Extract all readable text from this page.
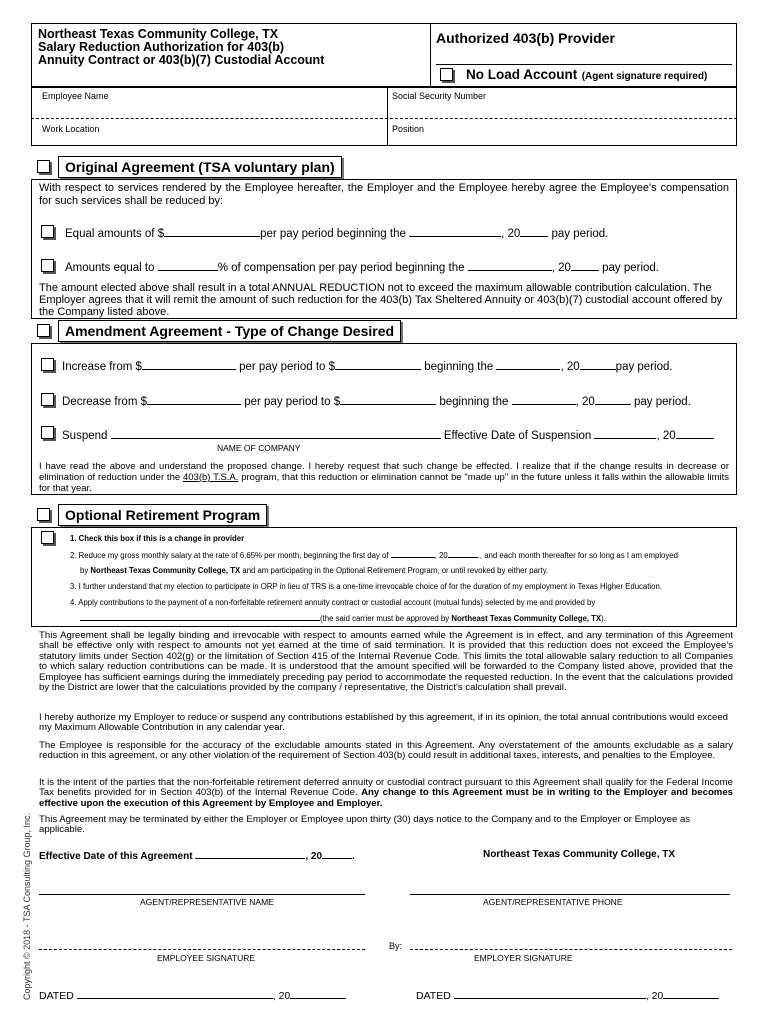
Northeast Texas Community College, TX
Salary Reduction Authorization for 403(b)
Annuity Contract or 403(b)(7) Custodial Account
Authorized 403(b) Provider
No Load Account (Agent signature required)
Employee Name	Social Security Number
Work Location	Position
Original Agreement (TSA voluntary plan)
With respect to services rendered by the Employee hereafter, the Employer and the Employee hereby agree the Employee's compensation for such services shall be reduced by:
Equal amounts of $	per pay period beginning the	, 20	pay period.
Amounts equal to	% of compensation per pay period beginning the	, 20	pay period.
The amount elected above shall result in a total ANNUAL REDUCTION not to exceed the maximum allowable contribution calculation. The Employer agrees that it will remit the amount of such reduction for the 403(b) Tax Sheltered Annuity or 403(b)(7) custodial account offered by the Company listed above.
Amendment Agreement - Type of Change Desired
Increase from $	per pay period to $	beginning the	, 20	pay period.
Decrease from $	per pay period to $	beginning the	, 20	pay period.
Suspend	Effective Date of Suspension	, 20
NAME OF COMPANY
I have read the above and understand the proposed change. I hereby request that such change be effected. I realize that if the change results in decrease or elimination of reduction under the 403(b) T.S.A. program, that this reduction or elimination cannot be "made up" in the future unless it falls within the allowable limits for that year.
Optional Retirement Program
1. Check this box if this is a change in provider
2. Reduce my gross monthly salary at the rate of 6.65% per month, beginning the first day of	, 20	., and each month thereafter for so long as I am employed
by Northeast Texas Community College, TX and am participating in the Optional Retirement Program, or until revoked by either party.
3. I further understand that my election to participate in ORP in lieu of TRS is a one-time irrevocable choice of for the duration of my employment in Texas Higher Education.
4. Apply contributions to the payment of a non-forfeitable retirement annuity contract or custodial account (mutual funds) selected by me and provided by
(the said carrier must be approved by Northeast Texas Community College, TX).
This Agreement shall be legally binding and irrevocable with respect to amounts earned while the Agreement is in effect, and any termination of this Agreement shall be effective only with respect to amounts not yet earned at the time of said termination. It is provided that this reduction does not exceed the Employee's statutory limits under Section 402(g) or the limitation of Section 415 of the Internal Revenue Code. This limits the total allowable salary reduction to all Companies to which salary reduction contributions can be made. It is understood that the amount specified will be forwarded to the Company listed above, provided that the Employee has sufficient earnings during the immediately preceding pay period to accommodate the requested reduction. In the event that the calculations provided by the District are lower that the calculations provided by the company / representative, the District's calculation shall prevail.
I hereby authorize my Employer to reduce or suspend any contributions established by this agreement, if in its opinion, the total annual contributions would exceed my Maximum Allowable Contribution in any calendar year.
The Employee is responsible for the accuracy of the excludable amounts stated in this Agreement. Any overstatement of the amounts excludable as a salary reduction in this agreement, or any other violation of the requirement of Section 403(b) could result in additional taxes, interests, and penalties to the Employee.
It is the intent of the parties that the non-forfeitable retirement deferred annuity or custodial contract pursuant to this Agreement shall qualify for the Federal Income Tax benefits provided for in Section 403(b) of the Internal Revenue Code. Any change to this Agreement must be in writing to the Employer and becomes effective upon the execution of this Agreement by Employee and Employer.
This Agreement may be terminated by either the Employer or Employee upon thirty (30) days notice to the Company and to the Employer or Employee as applicable.
Effective Date of this Agreement	, 20	.	Northeast Texas Community College, TX
AGENT/REPRESENTATIVE NAME	AGENT/REPRESENTATIVE PHONE
EMPLOYEE SIGNATURE
By:
EMPLOYER SIGNATURE
DATED	, 20	DATED	, 20
Copyright © 2018 - TSA Consulting Group, Inc.
